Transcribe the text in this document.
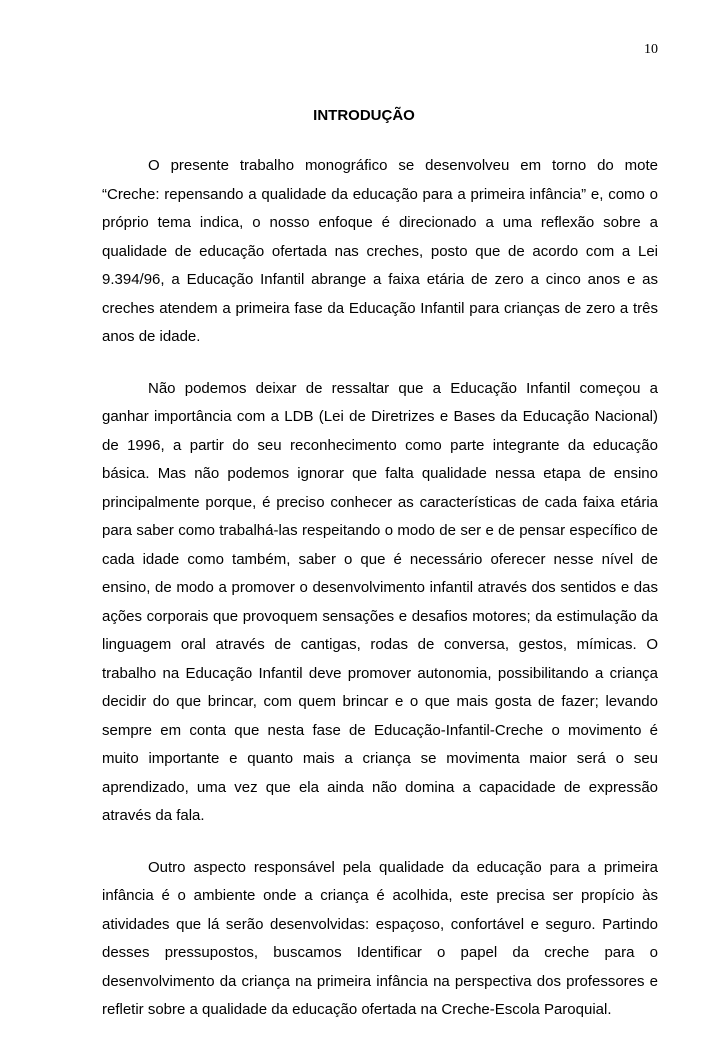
10
INTRODUÇÃO

O presente trabalho monográfico se desenvolveu em torno do mote “Creche: repensando a qualidade da educação para a primeira infância” e, como o próprio tema indica, o nosso enfoque é direcionado a uma reflexão sobre a qualidade de educação ofertada nas creches, posto que de acordo com a Lei 9.394/96, a Educação Infantil abrange a faixa etária de zero a cinco anos e as creches atendem a primeira fase da Educação Infantil para crianças de zero a três anos de idade.

Não podemos deixar de ressaltar que a Educação Infantil começou a ganhar importância com a LDB (Lei de Diretrizes e Bases da Educação Nacional) de 1996, a partir do seu reconhecimento como parte integrante da educação básica. Mas não podemos ignorar que falta qualidade nessa etapa de ensino principalmente porque, é preciso conhecer as características de cada faixa etária para saber como trabalhá-las respeitando o modo de ser e de pensar específico de cada idade como também, saber o que é necessário oferecer nesse nível de ensino, de modo a promover o desenvolvimento infantil através dos sentidos e das ações corporais que provoquem sensações e desafios motores; da estimulação da linguagem oral através de cantigas, rodas de conversa, gestos, mímicas. O trabalho na Educação Infantil deve promover autonomia, possibilitando a criança decidir do que brincar, com quem brincar e o que mais gosta de fazer; levando sempre em conta que nesta fase de Educação-Infantil-Creche o movimento é muito importante e quanto mais a criança se movimenta maior será o seu aprendizado, uma vez que ela ainda não domina a capacidade de expressão através da fala.

Outro aspecto responsável pela qualidade da educação para a primeira infância é o ambiente onde a criança é acolhida, este precisa ser propício às atividades que lá serão desenvolvidas: espaçoso, confortável e seguro. Partindo desses pressupostos, buscamos Identificar o papel da creche para o desenvolvimento da criança na primeira infância na perspectiva dos professores e refletir sobre a qualidade da educação ofertada na Creche-Escola Paroquial.
